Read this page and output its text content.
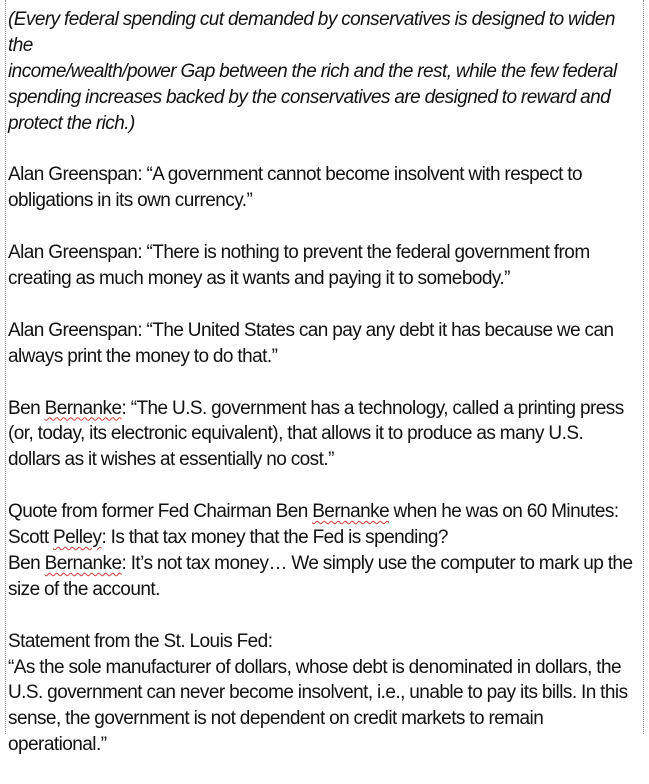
(Every federal spending cut demanded by conservatives is designed to widen the
income/wealth/power Gap between the rich and the rest, while the few federal
spending increases backed by the conservatives are designed to reward and
protect the rich.)

Alan Greenspan: “A government cannot become insolvent with respect to
obligations in its own currency.”

Alan Greenspan: “There is nothing to prevent the federal government from
creating as much money as it wants and paying it to somebody.”

Alan Greenspan: “The United States can pay any debt it has because we can
always print the money to do that.”

Ben Bernanke: “The U.S. government has a technology, called a printing press
(or, today, its electronic equivalent), that allows it to produce as many U.S.
dollars as it wishes at essentially no cost.”

Quote from former Fed Chairman Ben Bernanke when he was on 60 Minutes:
Scott Pelley: Is that tax money that the Fed is spending?
Ben Bernanke: It’s not tax money… We simply use the computer to mark up the
size of the account.

Statement from the St. Louis Fed:
“As the sole manufacturer of dollars, whose debt is denominated in dollars, the
U.S. government can never become insolvent, i.e., unable to pay its bills. In this
sense, the government is not dependent on credit markets to remain
operational.”
